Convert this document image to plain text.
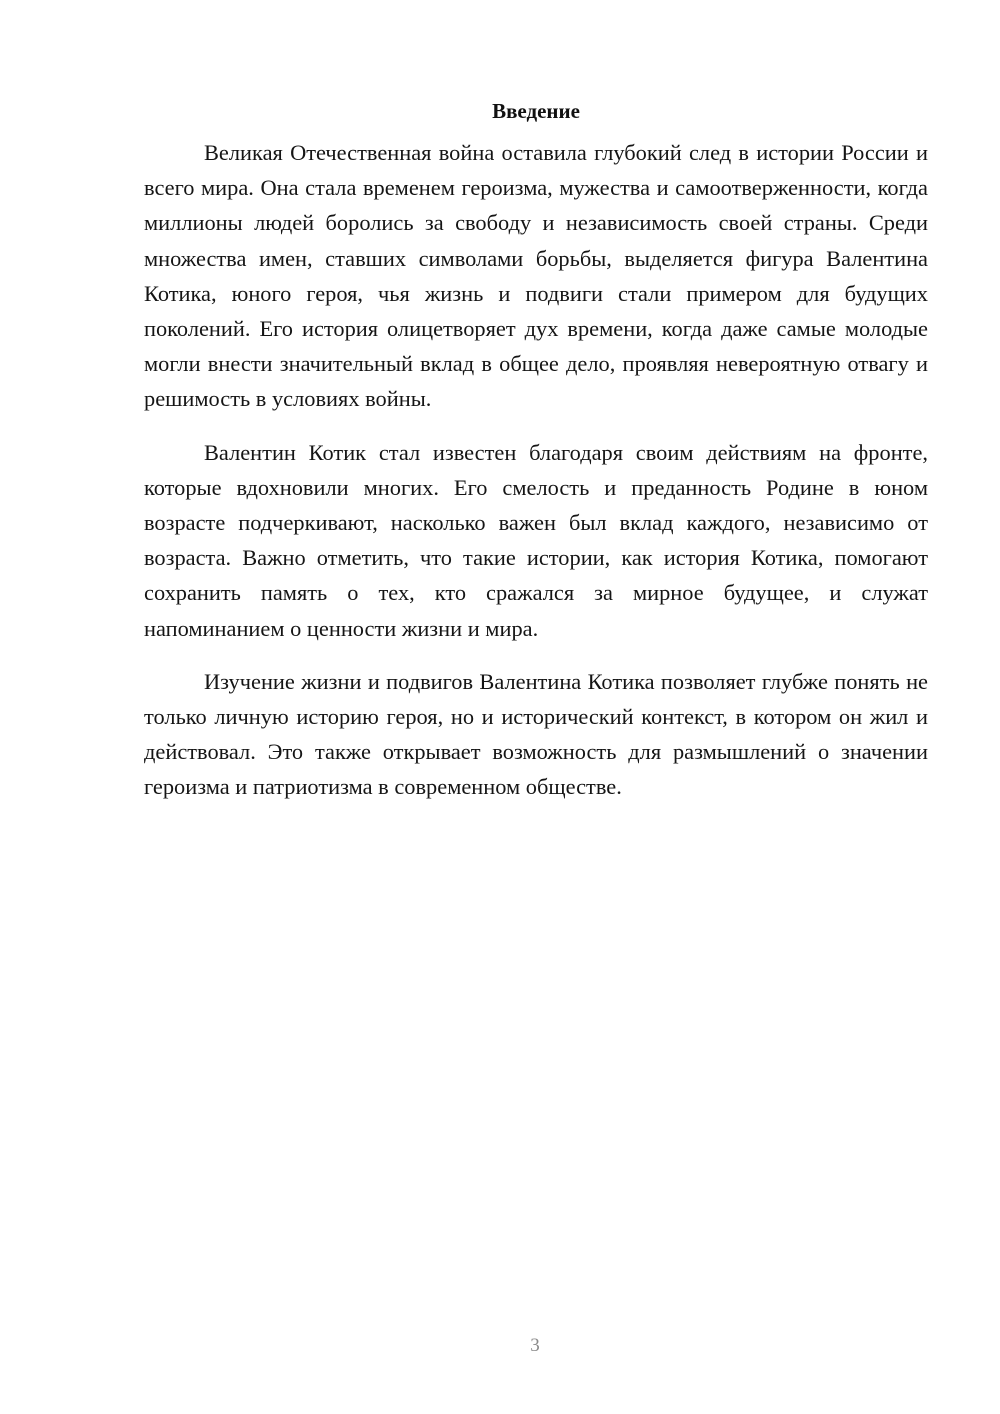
Введение

Великая Отечественная война оставила глубокий след в истории России и всего мира. Она стала временем героизма, мужества и самоотверженности, когда миллионы людей боролись за свободу и независимость своей страны. Среди множества имен, ставших символами борьбы, выделяется фигура Валентина Котика, юного героя, чья жизнь и подвиги стали примером для будущих поколений. Его история олицетворяет дух времени, когда даже самые молодые могли внести значительный вклад в общее дело, проявляя невероятную отвагу и решимость в условиях войны.

Валентин Котик стал известен благодаря своим действиям на фронте, которые вдохновили многих. Его смелость и преданность Родине в юном возрасте подчеркивают, насколько важен был вклад каждого, независимо от возраста. Важно отметить, что такие истории, как история Котика, помогают сохранить память о тех, кто сражался за мирное будущее, и служат напоминанием о ценности жизни и мира.

Изучение жизни и подвигов Валентина Котика позволяет глубже понять не только личную историю героя, но и исторический контекст, в котором он жил и действовал. Это также открывает возможность для размышлений о значении героизма и патриотизма в современном обществе.

3
